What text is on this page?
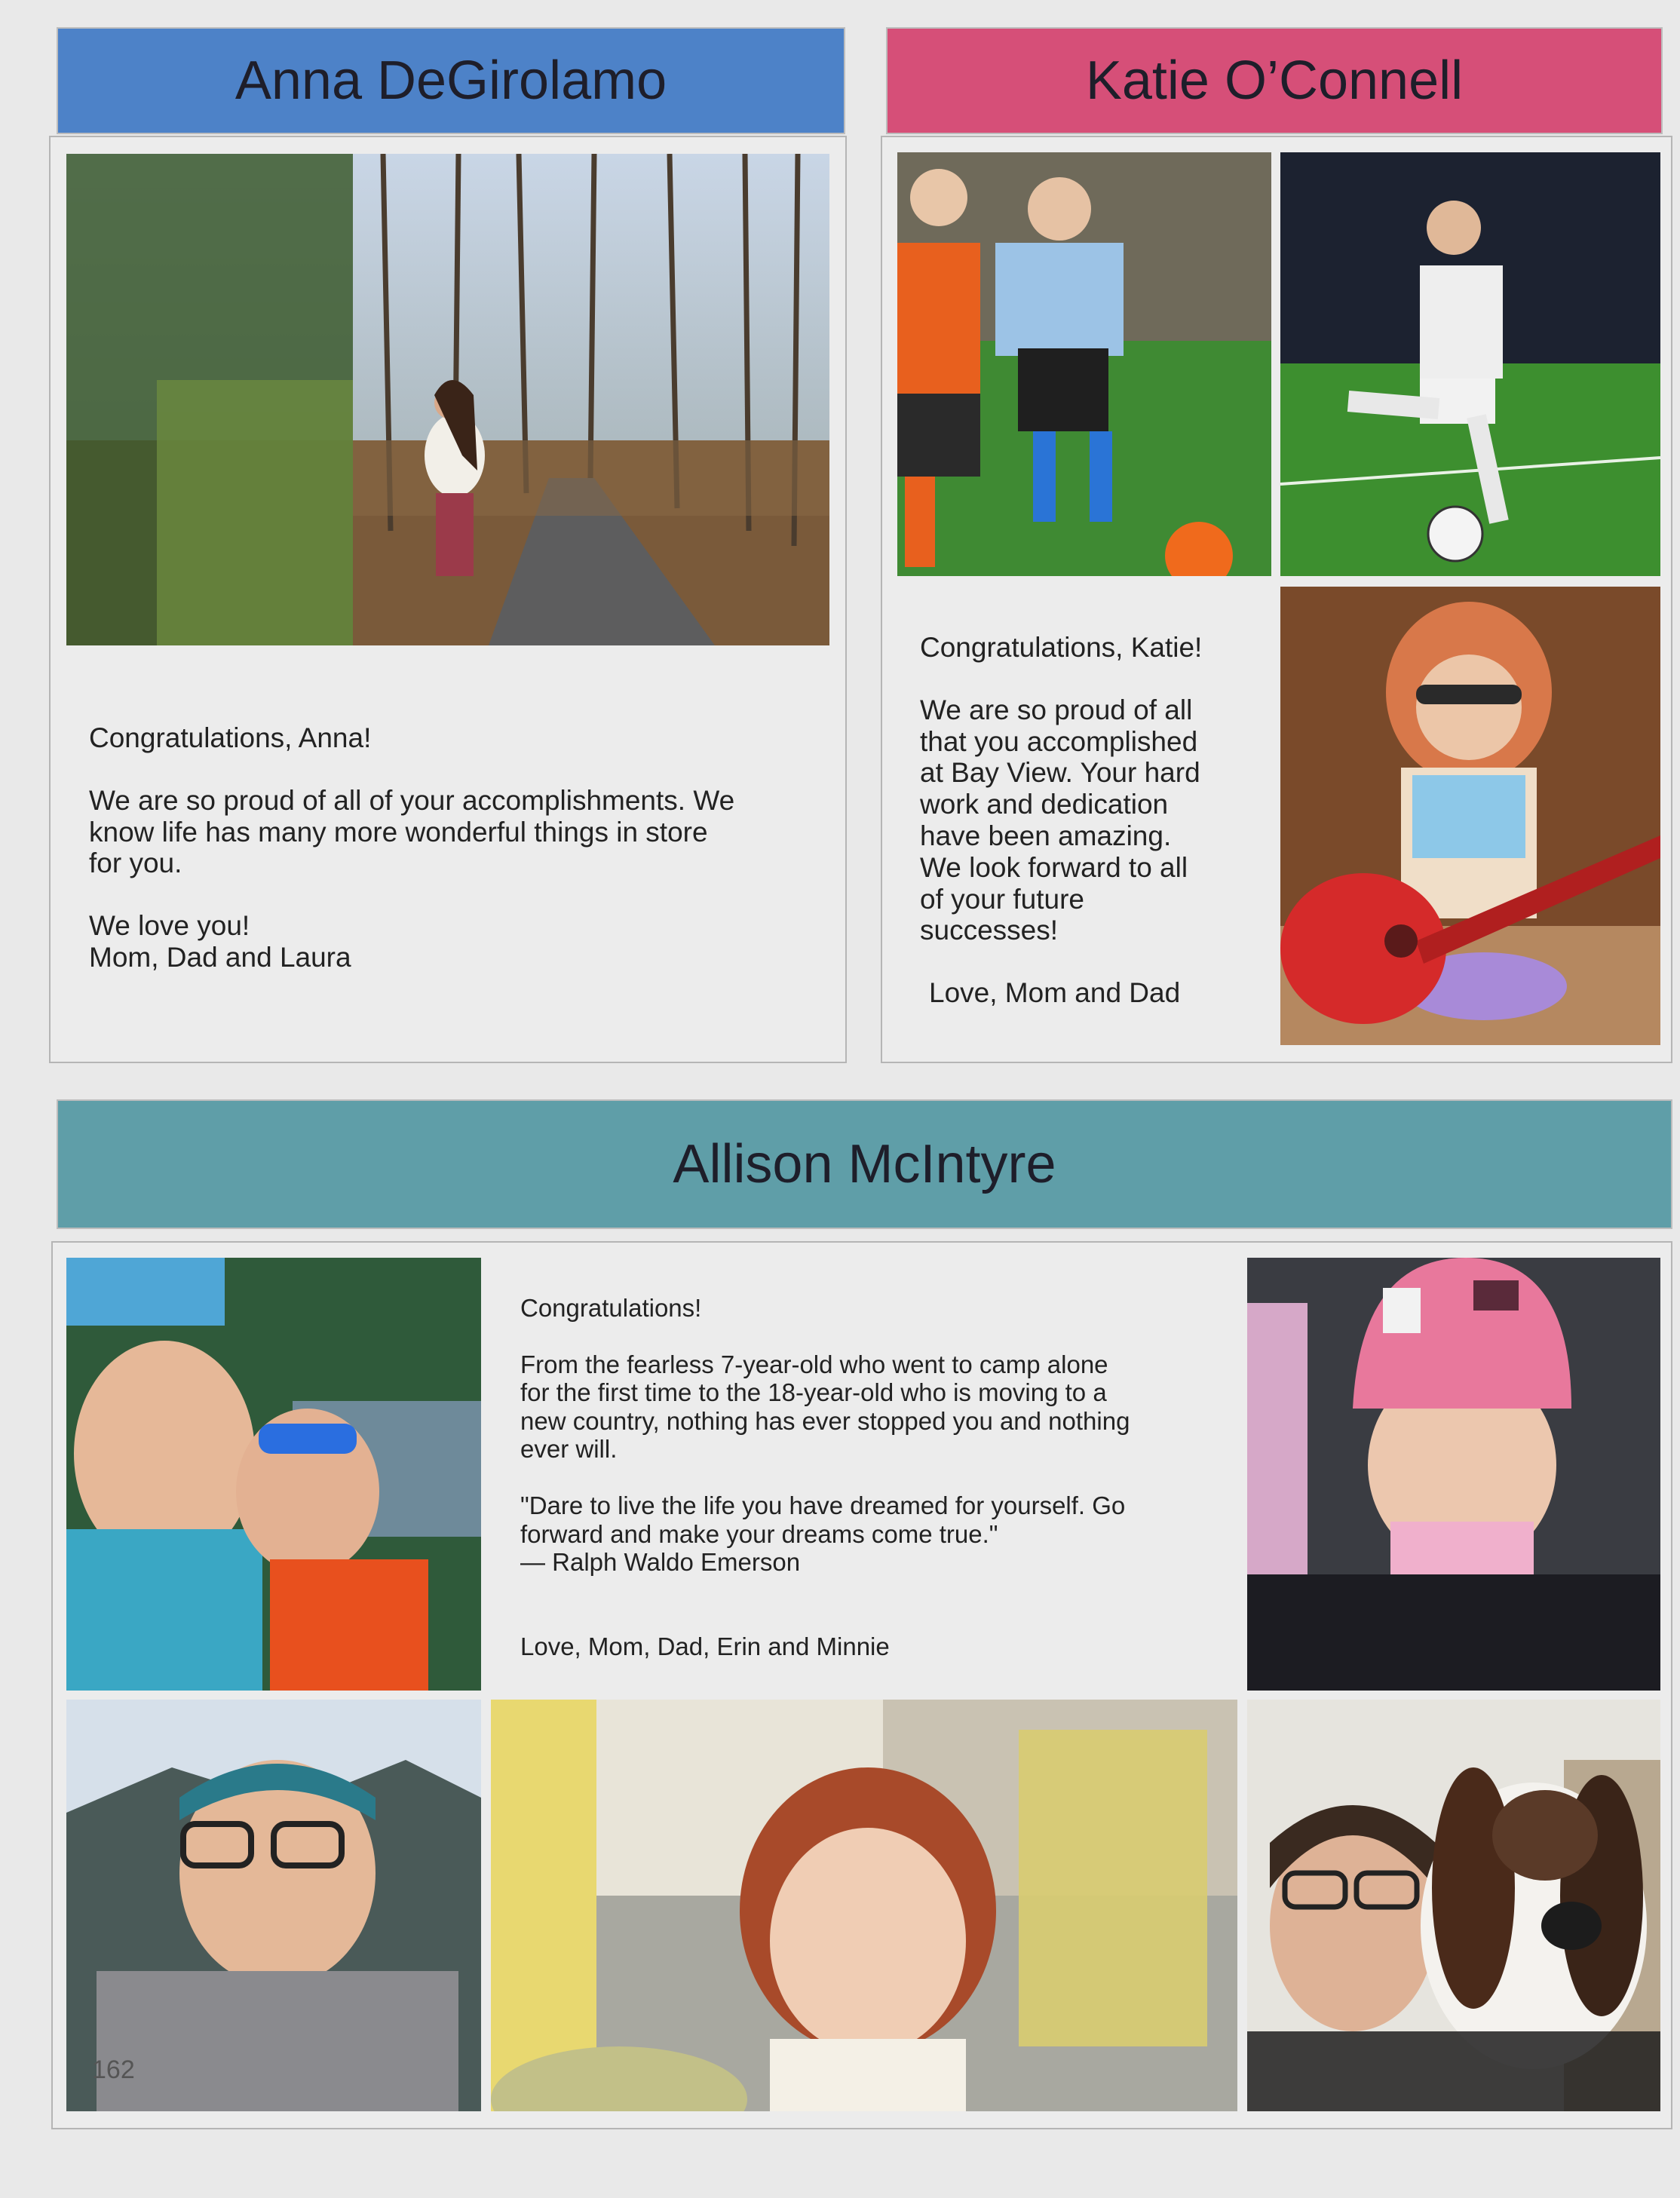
Anna DeGirolamo

Congratulations, Anna!

We are so proud of all of your accomplishments. We
know life has many more wonderful things in store
for you.

We love you!
Mom, Dad and Laura

Katie O’Connell

Congratulations, Katie!

We are so proud of all
that you accomplished
at Bay View. Your hard
work and dedication
have been amazing.
We look forward to all
of your future
successes!

Love, Mom and Dad

Allison McIntyre

Congratulations!

From the fearless 7-year-old who went to camp alone
for the first time to the 18-year-old who is moving to a
new country, nothing has ever stopped you and nothing
ever will.

"Dare to live the life you have dreamed for yourself. Go
forward and make your dreams come true."
— Ralph Waldo Emerson

Love, Mom, Dad, Erin and Minnie

162
